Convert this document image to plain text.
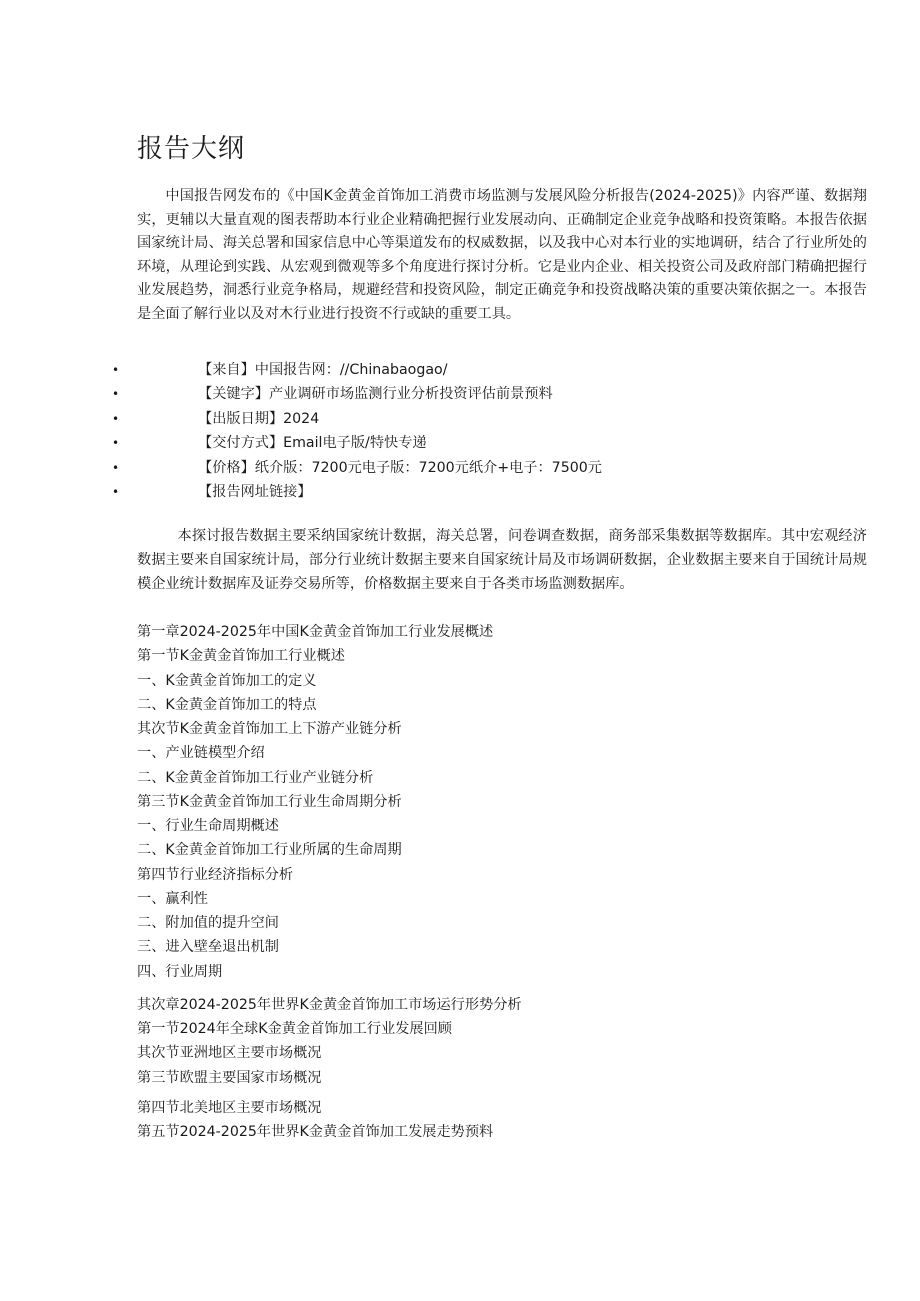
报告大纲

中国报告网发布的《中国K金黄金首饰加工消费市场监测与发展风险分析报告(2024-2025)》内容严谨、数据翔实，更辅以大量直观的图表帮助本行业企业精确把握行业发展动向、正确制定企业竞争战略和投资策略。本报告依据国家统计局、海关总署和国家信息中心等渠道发布的权威数据，以及我中心对本行业的实地调研，结合了行业所处的环境，从理论到实践、从宏观到微观等多个角度进行探讨分析。它是业内企业、相关投资公司及政府部门精确把握行业发展趋势，洞悉行业竞争格局，规避经营和投资风险，制定正确竞争和投资战略决策的重要决策依据之一。本报告是全面了解行业以及对木行业进行投资不行或缺的重要工具。

•	【来自】中国报告网：//Chinabaogao/
•	【关键字】产业调研市场监测行业分析投资评估前景预料
•	【出版日期】2024
•	【交付方式】Email电子版/特快专递
•	【价格】纸介版：7200元电子版：7200元纸介+电子：7500元
•	【报告网址链接】

本探讨报告数据主要采纳国家统计数据，海关总署，问卷调查数据，商务部采集数据等数据库。其中宏观经济数据主要来自国家统计局，部分行业统计数据主要来自国家统计局及市场调研数据，企业数据主要来自于国统计局规模企业统计数据库及证券交易所等，价格数据主要来自于各类市场监测数据库。

第一章2024-2025年中国K金黄金首饰加工行业发展概述
第一节K金黄金首饰加工行业概述
一、K金黄金首饰加工的定义
二、K金黄金首饰加工的特点
其次节K金黄金首饰加工上下游产业链分析
一、产业链模型介绍
二、K金黄金首饰加工行业产业链分析
第三节K金黄金首饰加工行业生命周期分析
一、行业生命周期概述
二、K金黄金首饰加工行业所属的生命周期
第四节行业经济指标分析
一、赢利性
二、附加值的提升空间
三、进入壁垒退出机制
四、行业周期
其次章2024-2025年世界K金黄金首饰加工市场运行形势分析
第一节2024年全球K金黄金首饰加工行业发展回顾
其次节亚洲地区主要市场概况
第三节欧盟主要国家市场概况
第四节北美地区主要市场概况
第五节2024-2025年世界K金黄金首饰加工发展走势预料
